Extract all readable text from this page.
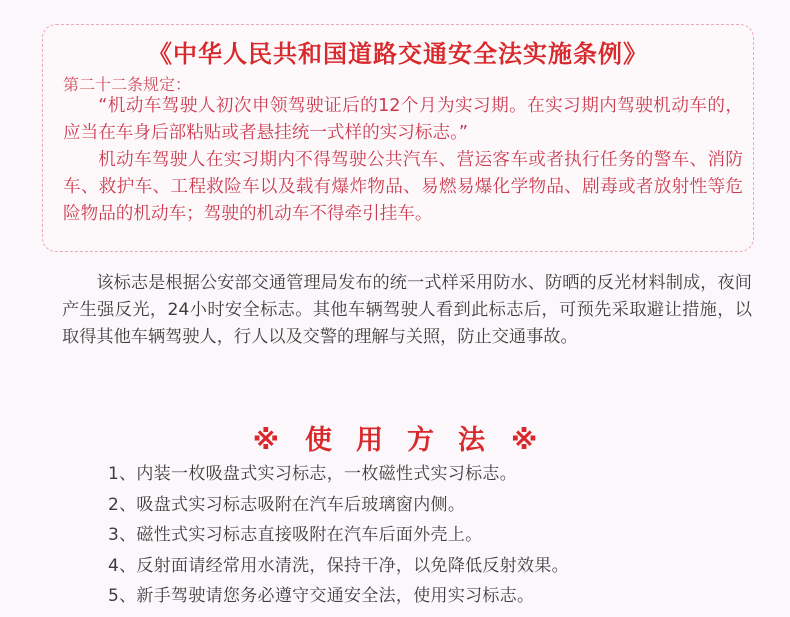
《中华人民共和国道路交通安全法实施条例》
第二十二条规定：

“机动车驾驶人初次申领驾驶证后的12个月为实习期。在实习期内驾驶机动车的，应当在车身后部粘贴或者悬挂统一式样的实习标志。”

机动车驾驶人在实习期内不得驾驶公共汽车、营运客车或者执行任务的警车、消防车、救护车、工程救险车以及载有爆炸物品、易燃易爆化学物品、剧毒或者放射性等危险物品的机动车；驾驶的机动车不得牵引挂车。

该标志是根据公安部交通管理局发布的统一式样采用防水、防晒的反光材料制成，夜间产生强反光，24小时安全标志。其他车辆驾驶人看到此标志后，可预先采取避让措施，以取得其他车辆驾驶人，行人以及交警的理解与关照，防止交通事故。

※ 使 用 方 法 ※
1、内装一枚吸盘式实习标志，一枚磁性式实习标志。
2、吸盘式实习标志吸附在汽车后玻璃窗内侧。
3、磁性式实习标志直接吸附在汽车后面外壳上。
4、反射面请经常用水清洗，保持干净，以免降低反射效果。
5、新手驾驶请您务必遵守交通安全法，使用实习标志。
